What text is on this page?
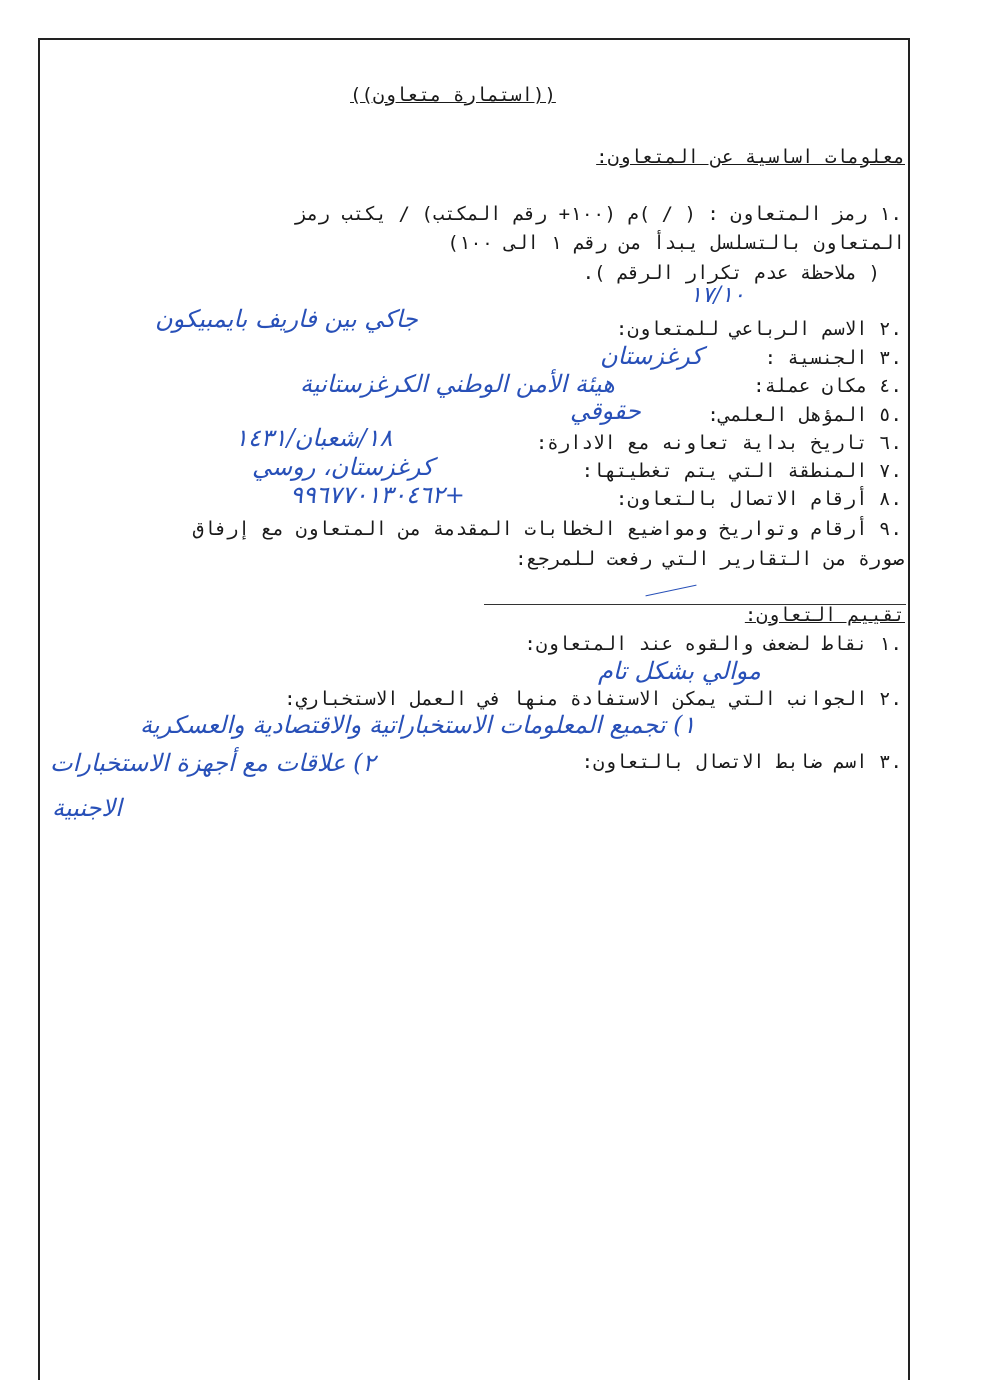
((استمارة متعاون))
معلومات اساسية عن المتعاون:
.١ رمز المتعاون : ( / )م (١٠٠+ رقم المكتب) / يكتب رمز
المتعاون بالتسلسل يبدأ من رقم ١ الى ١٠٠)
( ملاحظة عدم تكرار الرقم ).
.٢ الاسم الرباعي للمتعاون:
.٣ الجنسية :
.٤ مكان عملة:
.٥ المؤهل العلمي:
.٦ تاريخ بداية تعاونه مع الادارة:
.٧ المنطقة التي يتم تغطيتها:
.٨ أرقام الاتصال بالتعاون:
.٩ أرقام وتواريخ ومواضيع الخطابات المقدمة من المتعاون مع إرفاق
صورة من التقارير التي رفعت للمرجع:
١٧/١٠
جاكي بين فاريف بايمبيكون
كرغزستان
هيئة الأمن الوطني الكرغزستانية
حقوقي
١٨/شعبان/١٤٣١
كرغزستان، روسي
+٩٩٦٧٧٠١٣٠٤٦٢
تقييم التعاون:
.١ نقاط لضعف والقوه عند المتعاون:
موالي بشكل تام
.٢ الجوانب التي يمكن الاستفادة منها في العمل الاستخباري:
١) تجميع المعلومات الاستخباراتية والاقتصادية والعسكرية
.٣ اسم ضابط الاتصال بالتعاون:
٢) علاقات مع أجهزة الاستخبارات
الاجنبية
